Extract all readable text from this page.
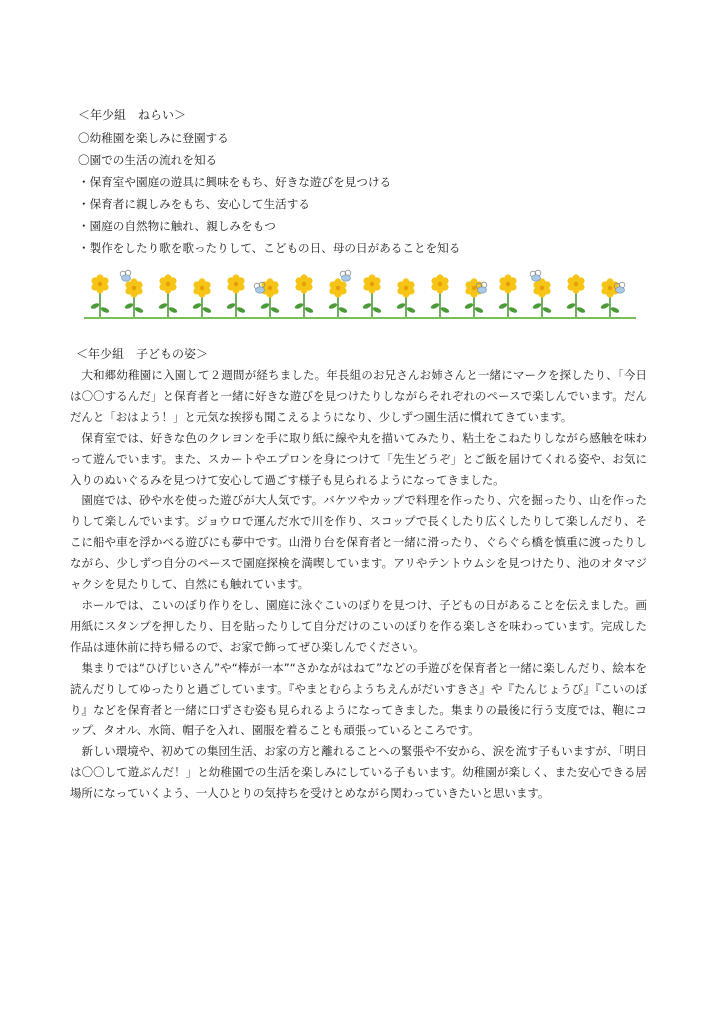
＜年少組　ねらい＞
〇幼稚園を楽しみに登園する
〇園での生活の流れを知る
・保育室や園庭の遊具に興味をもち、好きな遊びを見つける
・保育者に親しみをもち、安心して生活する
・園庭の自然物に触れ、親しみをもつ
・製作をしたり歌を歌ったりして、こどもの日、母の日があることを知る
＜年少組　子どもの姿＞

大和郷幼稚園に入園して２週間が経ちました。年長組のお兄さんお姉さんと一緒にマークを探したり、「今日は〇〇するんだ」と保育者と一緒に好きな遊びを見つけたりしながらそれぞれのペースで楽しんでいます。だんだんと「おはよう！」と元気な挨拶も聞こえるようになり、少しずつ園生活に慣れてきています。

保育室では、好きな色のクレヨンを手に取り紙に線や丸を描いてみたり、粘土をこねたりしながら感触を味わって遊んでいます。また、スカートやエプロンを身につけて「先生どうぞ」とご飯を届けてくれる姿や、お気に入りのぬいぐるみを見つけて安心して過ごす様子も見られるようになってきました。

園庭では、砂や水を使った遊びが大人気です。バケツやカップで料理を作ったり、穴を掘ったり、山を作ったりして楽しんでいます。ジョウロで運んだ水で川を作り、スコップで長くしたり広くしたりして楽しんだり、そこに船や車を浮かべる遊びにも夢中です。山滑り台を保育者と一緒に滑ったり、ぐらぐら橋を慎重に渡ったりしながら、少しずつ自分のペースで園庭探検を満喫しています。アリやテントウムシを見つけたり、池のオタマジャクシを見たりして、自然にも触れています。

ホールでは、こいのぼり作りをし、園庭に泳ぐこいのぼりを見つけ、子どもの日があることを伝えました。画用紙にスタンプを押したり、目を貼ったりして自分だけのこいのぼりを作る楽しさを味わっています。完成した作品は連休前に持ち帰るので、お家で飾ってぜひ楽しんでください。

集まりでは“ひげじいさん”や“棒が一本”“さかながはねて”などの手遊びを保育者と一緒に楽しんだり、絵本を読んだりしてゆったりと過ごしています。『やまとむらようちえんがだいすきさ』や『たんじょうび』『こいのぼり』などを保育者と一緒に口ずさむ姿も見られるようになってきました。集まりの最後に行う支度では、鞄にコップ、タオル、水筒、帽子を入れ、園服を着ることも頑張っているところです。

新しい環境や、初めての集団生活、お家の方と離れることへの緊張や不安から、涙を流す子もいますが、「明日は〇〇して遊ぶんだ！」と幼稚園での生活を楽しみにしている子もいます。幼稚園が楽しく、また安心できる居場所になっていくよう、一人ひとりの気持ちを受けとめながら関わっていきたいと思います。
